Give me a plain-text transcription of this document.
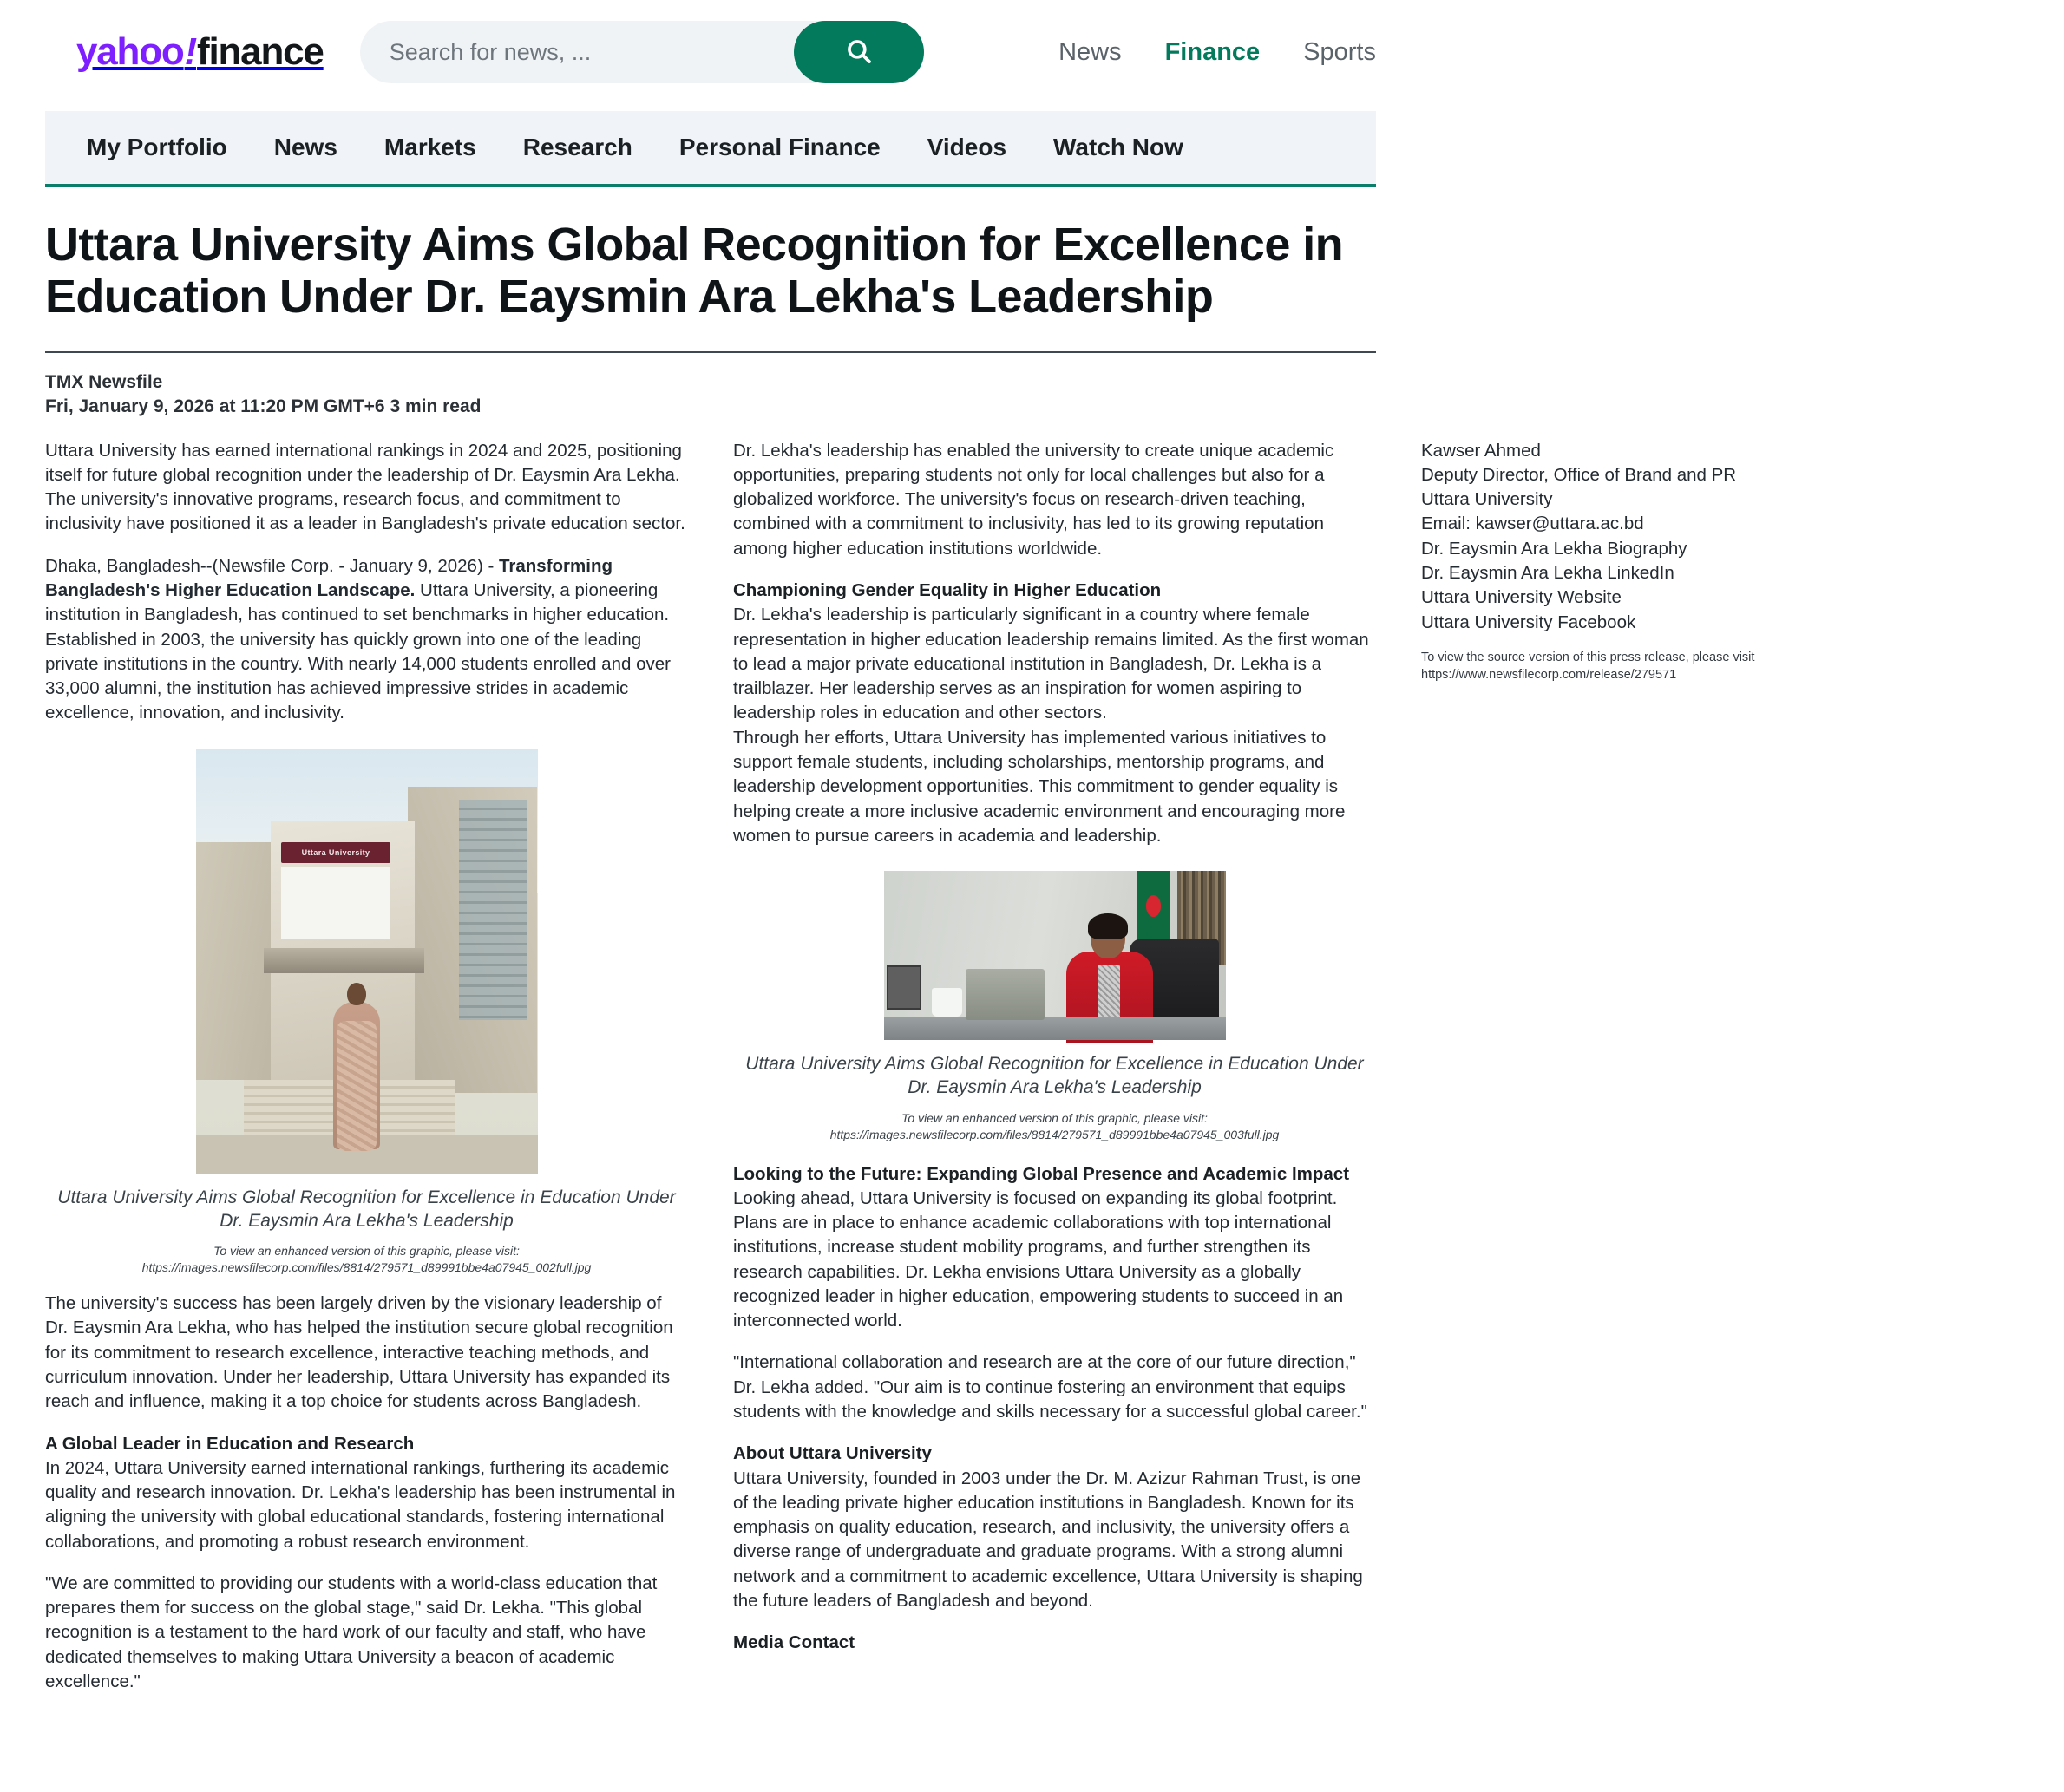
yahoo ! finance
Search for news, ...	News Finance Sports
My Portfolio News Markets Research Personal Finance Videos Watch Now
Uttara University Aims Global Recognition for Excellence in Education Under Dr. Eaysmin Ara Lekha's Leadership
TMX Newsfile
Fri, January 9, 2026 at 11:20 PM GMT+6 3 min read

Uttara University has earned international rankings in 2024 and 2025, positioning itself for future global recognition under the leadership of Dr. Eaysmin Ara Lekha. The university's innovative programs, research focus, and commitment to inclusivity have positioned it as a leader in Bangladesh's private education sector.

Dhaka, Bangladesh--(Newsfile Corp. - January 9, 2026) - Transforming Bangladesh's Higher Education Landscape. Uttara University, a pioneering institution in Bangladesh, has continued to set benchmarks in higher education. Established in 2003, the university has quickly grown into one of the leading private institutions in the country. With nearly 14,000 students enrolled and over 33,000 alumni, the institution has achieved impressive strides in academic excellence, innovation, and inclusivity.

Uttara University
Uttara University Aims Global Recognition for Excellence in Education Under Dr. Eaysmin Ara Lekha's Leadership
To view an enhanced version of this graphic, please visit:
https://images.newsfilecorp.com/files/8814/279571_d89991bbe4a07945_002full.jpg

The university's success has been largely driven by the visionary leadership of Dr. Eaysmin Ara Lekha, who has helped the institution secure global recognition for its commitment to research excellence, interactive teaching methods, and curriculum innovation. Under her leadership, Uttara University has expanded its reach and influence, making it a top choice for students across Bangladesh.

A Global Leader in Education and Research

In 2024, Uttara University earned international rankings, furthering its academic quality and research innovation. Dr. Lekha's leadership has been instrumental in aligning the university with global educational standards, fostering international collaborations, and promoting a robust research environment.

"We are committed to providing our students with a world-class education that prepares them for success on the global stage," said Dr. Lekha. "This global recognition is a testament to the hard work of our faculty and staff, who have dedicated themselves to making Uttara University a beacon of academic excellence."

Dr. Lekha's leadership has enabled the university to create unique academic opportunities, preparing students not only for local challenges but also for a globalized workforce. The university's focus on research-driven teaching, combined with a commitment to inclusivity, has led to its growing reputation among higher education institutions worldwide.

Championing Gender Equality in Higher Education

Dr. Lekha's leadership is particularly significant in a country where female representation in higher education leadership remains limited. As the first woman to lead a major private educational institution in Bangladesh, Dr. Lekha is a trailblazer. Her leadership serves as an inspiration for women aspiring to leadership roles in education and other sectors.

Through her efforts, Uttara University has implemented various initiatives to support female students, including scholarships, mentorship programs, and leadership development opportunities. This commitment to gender equality is helping create a more inclusive academic environment and encouraging more women to pursue careers in academia and leadership.

Uttara University Aims Global Recognition for Excellence in Education Under Dr. Eaysmin Ara Lekha's Leadership
To view an enhanced version of this graphic, please visit:
https://images.newsfilecorp.com/files/8814/279571_d89991bbe4a07945_003full.jpg
Looking to the Future: Expanding Global Presence and Academic Impact

Looking ahead, Uttara University is focused on expanding its global footprint. Plans are in place to enhance academic collaborations with top international institutions, increase student mobility programs, and further strengthen its research capabilities. Dr. Lekha envisions Uttara University as a globally recognized leader in higher education, empowering students to succeed in an interconnected world.

"International collaboration and research are at the core of our future direction," Dr. Lekha added. "Our aim is to continue fostering an environment that equips students with the knowledge and skills necessary for a successful global career."

About Uttara University

Uttara University, founded in 2003 under the Dr. M. Azizur Rahman Trust, is one of the leading private higher education institutions in Bangladesh. Known for its emphasis on quality education, research, and inclusivity, the university offers a diverse range of undergraduate and graduate programs. With a strong alumni network and a commitment to academic excellence, Uttara University is shaping the future leaders of Bangladesh and beyond.

Media Contact

Kawser Ahmed
Deputy Director, Office of Brand and PR
Uttara University
Email: kawser@uttara.ac.bd
Dr. Eaysmin Ara Lekha Biography
Dr. Eaysmin Ara Lekha LinkedIn
Uttara University Website
Uttara University Facebook

To view the source version of this press release, please visit
https://www.newsfilecorp.com/release/279571
